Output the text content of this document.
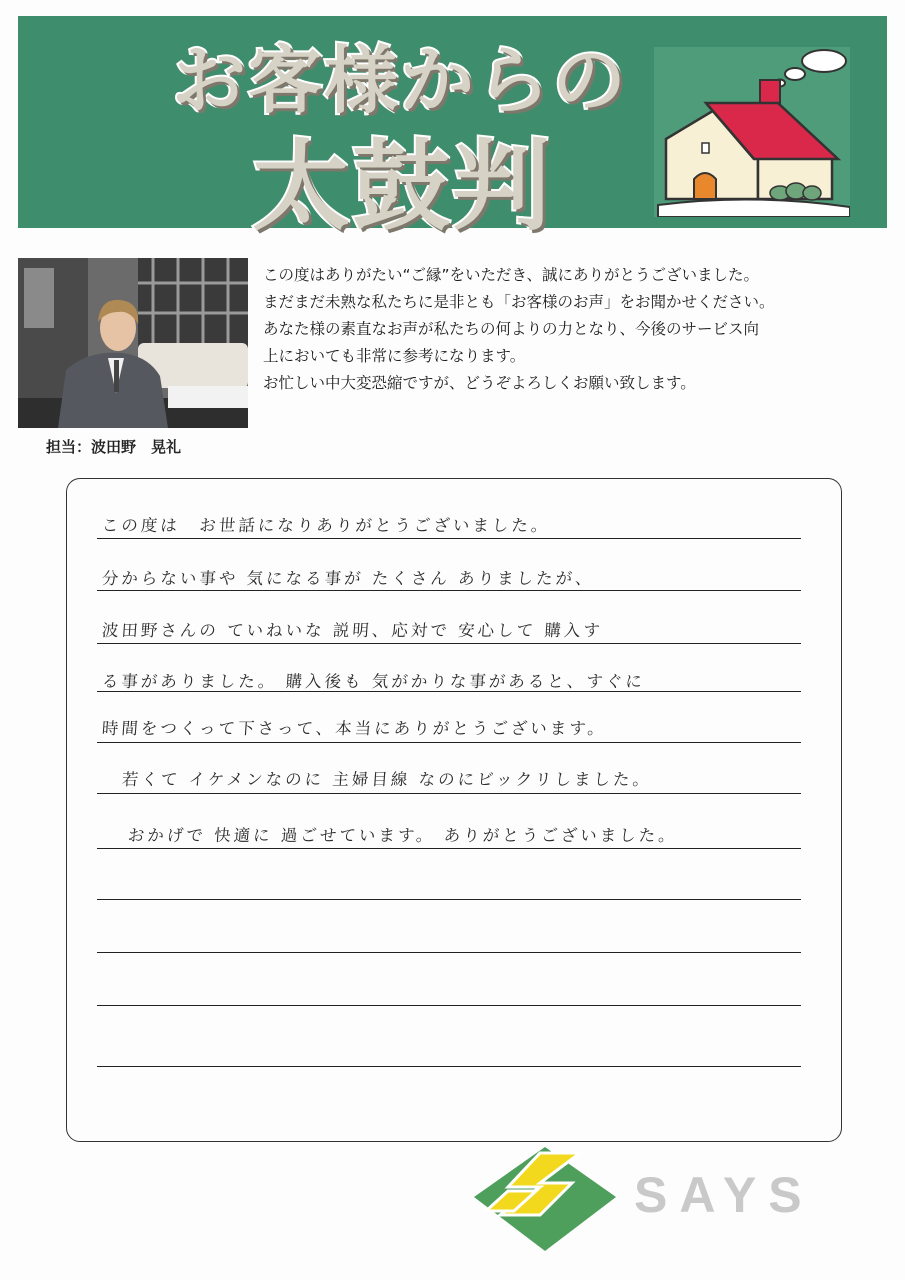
お客様からの
太鼓判
担当：波田野　晃礼
この度はありがたい“ご縁”をいただき、誠にありがとうございました。
まだまだ未熟な私たちに是非とも「お客様のお声」をお聞かせください。
あなた様の素直なお声が私たちの何よりの力となり、今後のサービス向
上においても非常に参考になります。
お忙しい中大変恐縮ですが、どうぞよろしくお願い致します。
この度は　お世話になりありがとうございました。
分からない事や 気になる事が たくさん ありましたが、
波田野さんの ていねいな 説明、応対で 安心して 購入す
る事がありました。 購入後も 気がかりな事があると、すぐに
時間をつくって下さって、本当にありがとうございます。
若くて イケメンなのに 主婦目線 なのにビックリしました。
おかげで 快適に 過ごせています。 ありがとうございました。
SAYS
